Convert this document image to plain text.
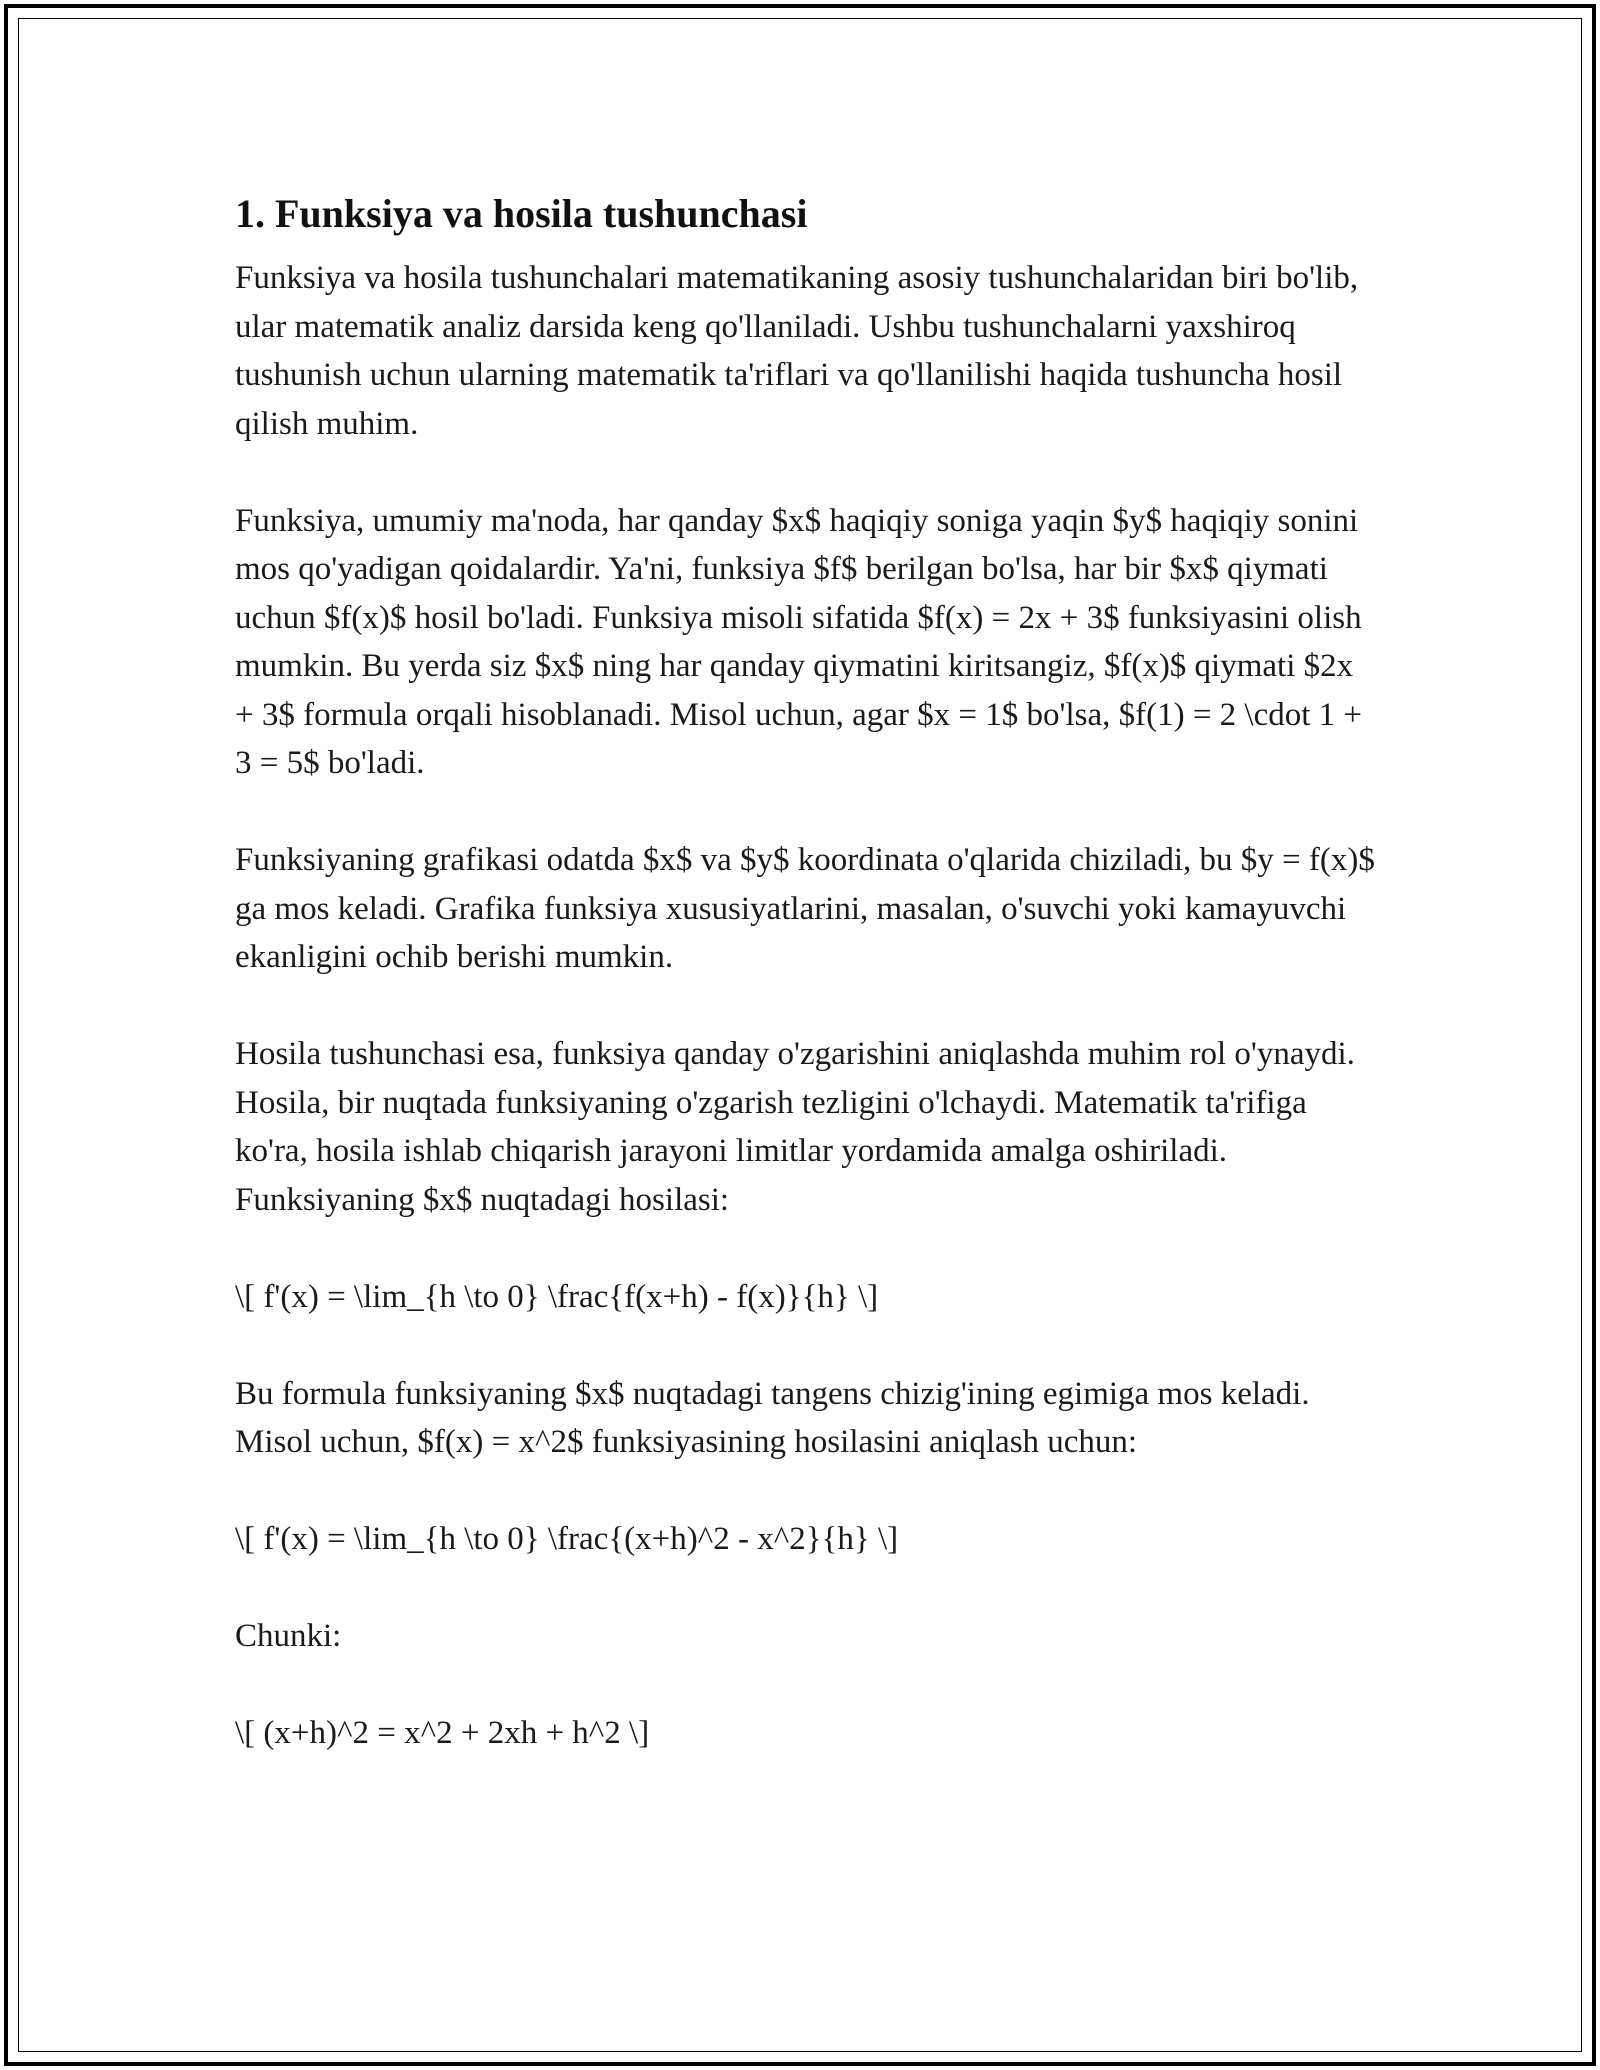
1. Funksiya va hosila tushunchasi

Funksiya va hosila tushunchalari matematikaning asosiy tushunchalaridan biri bo'lib, ular matematik analiz darsida keng qo'llaniladi. Ushbu tushunchalarni yaxshiroq tushunish uchun ularning matematik ta'riflari va qo'llanilishi haqida tushuncha hosil qilish muhim.

Funksiya, umumiy ma'noda, har qanday $x$ haqiqiy soniga yaqin $y$ haqiqiy sonini mos qo'yadigan qoidalardir. Ya'ni, funksiya $f$ berilgan bo'lsa, har bir $x$ qiymati uchun $f(x)$ hosil bo'ladi. Funksiya misoli sifatida $f(x) = 2x + 3$ funksiyasini olish mumkin. Bu yerda siz $x$ ning har qanday qiymatini kiritsangiz, $f(x)$ qiymati $2x + 3$ formula orqali hisoblanadi. Misol uchun, agar $x = 1$ bo'lsa, $f(1) = 2 \cdot 1 + 3 = 5$ bo'ladi.

Funksiyaning grafikasi odatda $x$ va $y$ koordinata o'qlarida chiziladi, bu $y = f(x)$ ga mos keladi. Grafika funksiya xususiyatlarini, masalan, o'suvchi yoki kamayuvchi ekanligini ochib berishi mumkin.

Hosila tushunchasi esa, funksiya qanday o'zgarishini aniqlashda muhim rol o'ynaydi. Hosila, bir nuqtada funksiyaning o'zgarish tezligini o'lchaydi. Matematik ta'rifiga ko'ra, hosila ishlab chiqarish jarayoni limitlar yordamida amalga oshiriladi. Funksiyaning $x$ nuqtadagi hosilasi:

\[ f'(x) = \lim_{h \to 0} \frac{f(x+h) - f(x)}{h} \]

Bu formula funksiyaning $x$ nuqtadagi tangens chizig'ining egimiga mos keladi. Misol uchun, $f(x) = x^2$ funksiyasining hosilasini aniqlash uchun:

\[ f'(x) = \lim_{h \to 0} \frac{(x+h)^2 - x^2}{h} \]

Chunki:

\[ (x+h)^2 = x^2 + 2xh + h^2 \]
